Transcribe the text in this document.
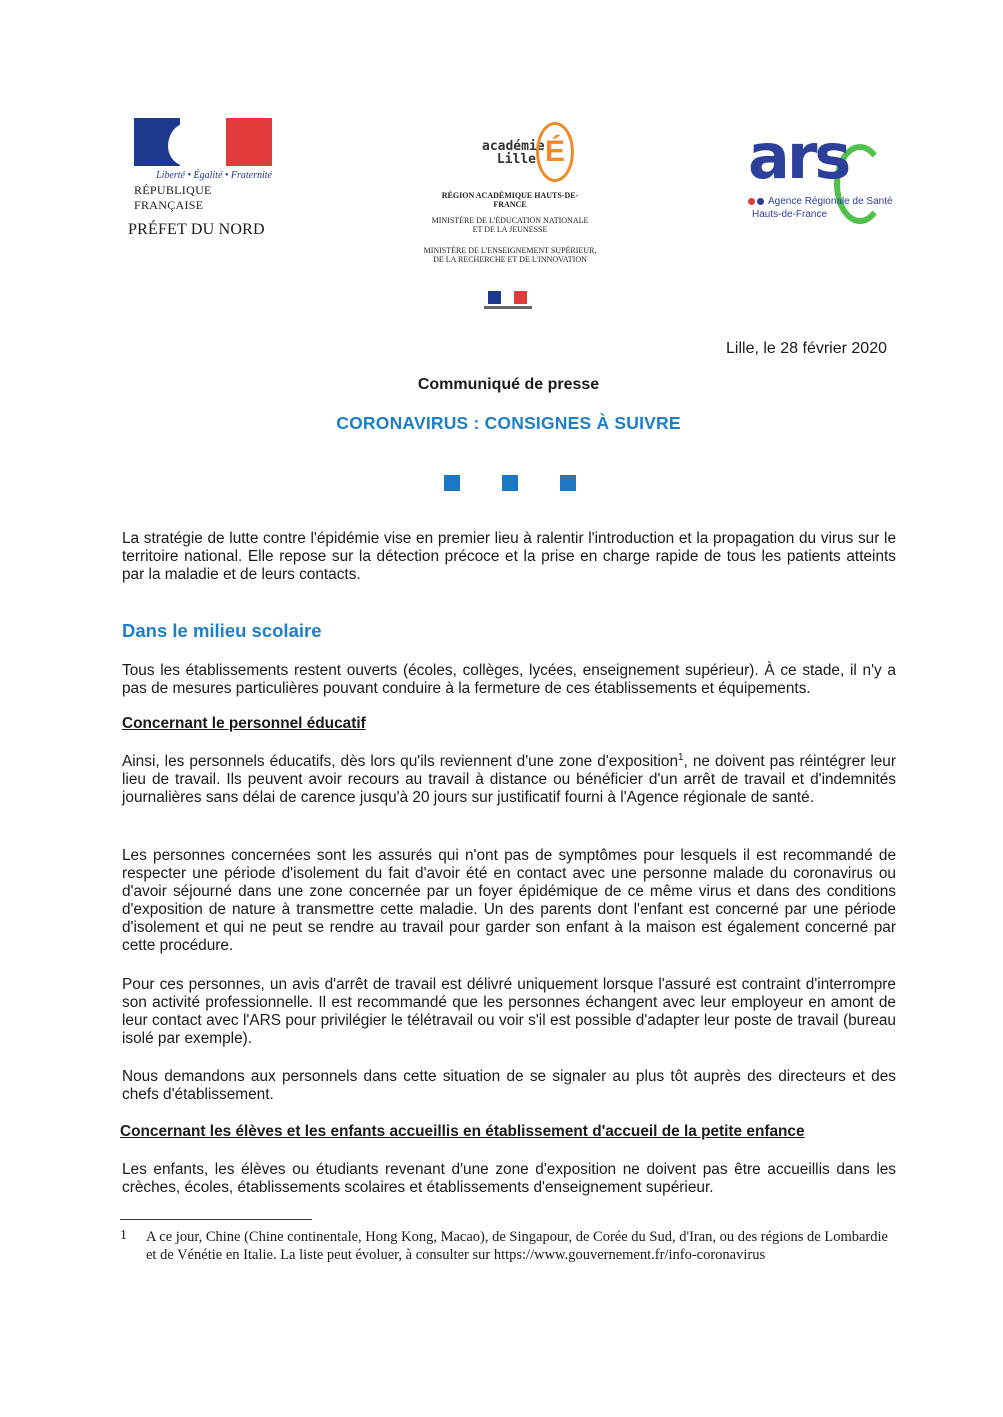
Liberté • Égalité • Fraternité
RÉPUBLIQUE FRANÇAISE
PRÉFET DU NORD
académie
Lille É
RÉGION ACADÉMIQUE HAUTS-DE-FRANCE
MINISTÈRE DE L'ÉDUCATION NATIONALE ET DE LA JEUNESSE
MINISTÈRE DE L'ENSEIGNEMENT SUPÉRIEUR, DE LA RECHERCHE ET DE L'INNOVATION
ars
Agence Régionale de Santé
Hauts-de-France
Lille, le 28 février 2020
Communiqué de presse
CORONAVIRUS : CONSIGNES À SUIVRE
La stratégie de lutte contre l'épidémie vise en premier lieu à ralentir l'introduction et la propagation du virus sur le territoire national. Elle repose sur la détection précoce et la prise en charge rapide de tous les patients atteints par la maladie et de leurs contacts.
Dans le milieu scolaire
Tous les établissements restent ouverts (écoles, collèges, lycées, enseignement supérieur). À ce stade, il n'y a pas de mesures particulières pouvant conduire à la fermeture de ces établissements et équipements.
Concernant le personnel éducatif
Ainsi, les personnels éducatifs, dès lors qu'ils reviennent d'une zone d'exposition$^1$, ne doivent pas réintégrer leur lieu de travail. Ils peuvent avoir recours au travail à distance ou bénéficier d'un arrêt de travail et d'indemnités journalières sans délai de carence jusqu'à 20 jours sur justificatif fourni à l'Agence régionale de santé.
Les personnes concernées sont les assurés qui n'ont pas de symptômes pour lesquels il est recommandé de respecter une période d'isolement du fait d'avoir été en contact avec une personne malade du coronavirus ou d'avoir séjourné dans une zone concernée par un foyer épidémique de ce même virus et dans des conditions d'exposition de nature à transmettre cette maladie. Un des parents dont l'enfant est concerné par une période d'isolement et qui ne peut se rendre au travail pour garder son enfant à la maison est également concerné par cette procédure.
Pour ces personnes, un avis d'arrêt de travail est délivré uniquement lorsque l'assuré est contraint d'interrompre son activité professionnelle. Il est recommandé que les personnes échangent avec leur employeur en amont de leur contact avec l'ARS pour privilégier le télétravail ou voir s'il est possible d'adapter leur poste de travail (bureau isolé par exemple).
Nous demandons aux personnels dans cette situation de se signaler au plus tôt auprès des directeurs et des chefs d'établissement.
Concernant les élèves et les enfants accueillis en établissement d'accueil de la petite enfance
Les enfants, les élèves ou étudiants revenant d'une zone d'exposition ne doivent pas être accueillis dans les crèches, écoles, établissements scolaires et établissements d'enseignement supérieur.
1 A ce jour, Chine (Chine continentale, Hong Kong, Macao), de Singapour, de Corée du Sud, d'Iran, ou des régions de Lombardie et de Vénétie en Italie. La liste peut évoluer, à consulter sur https://www.gouvernement.fr/info-coronavirus
